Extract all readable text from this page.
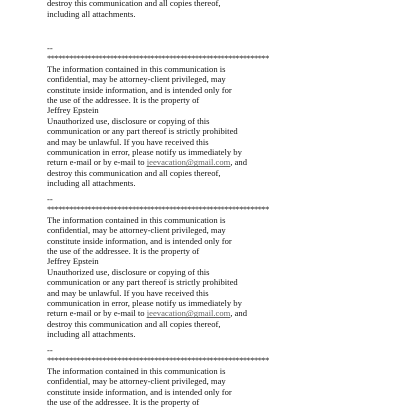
destroy this communication and all copies thereof,
including all attachments.
--
************************************************************
The information contained in this communication is
confidential, may be attorney-client privileged, may
constitute inside information, and is intended only for
the use of the addressee. It is the property of
Jeffrey Epstein
Unauthorized use, disclosure or copying of this
communication or any part thereof is strictly prohibited
and may be unlawful. If you have received this
communication in error, please notify us immediately by
return e-mail or by e-mail to jeevacation@gmail.com, and
destroy this communication and all copies thereof,
including all attachments.
--
************************************************************
The information contained in this communication is
confidential, may be attorney-client privileged, may
constitute inside information, and is intended only for
the use of the addressee. It is the property of
Jeffrey Epstein
Unauthorized use, disclosure or copying of this
communication or any part thereof is strictly prohibited
and may be unlawful. If you have received this
communication in error, please notify us immediately by
return e-mail or by e-mail to jeevacation@gmail.com, and
destroy this communication and all copies thereof,
including all attachments.
--
************************************************************
The information contained in this communication is
confidential, may be attorney-client privileged, may
constitute inside information, and is intended only for
the use of the addressee. It is the property of
